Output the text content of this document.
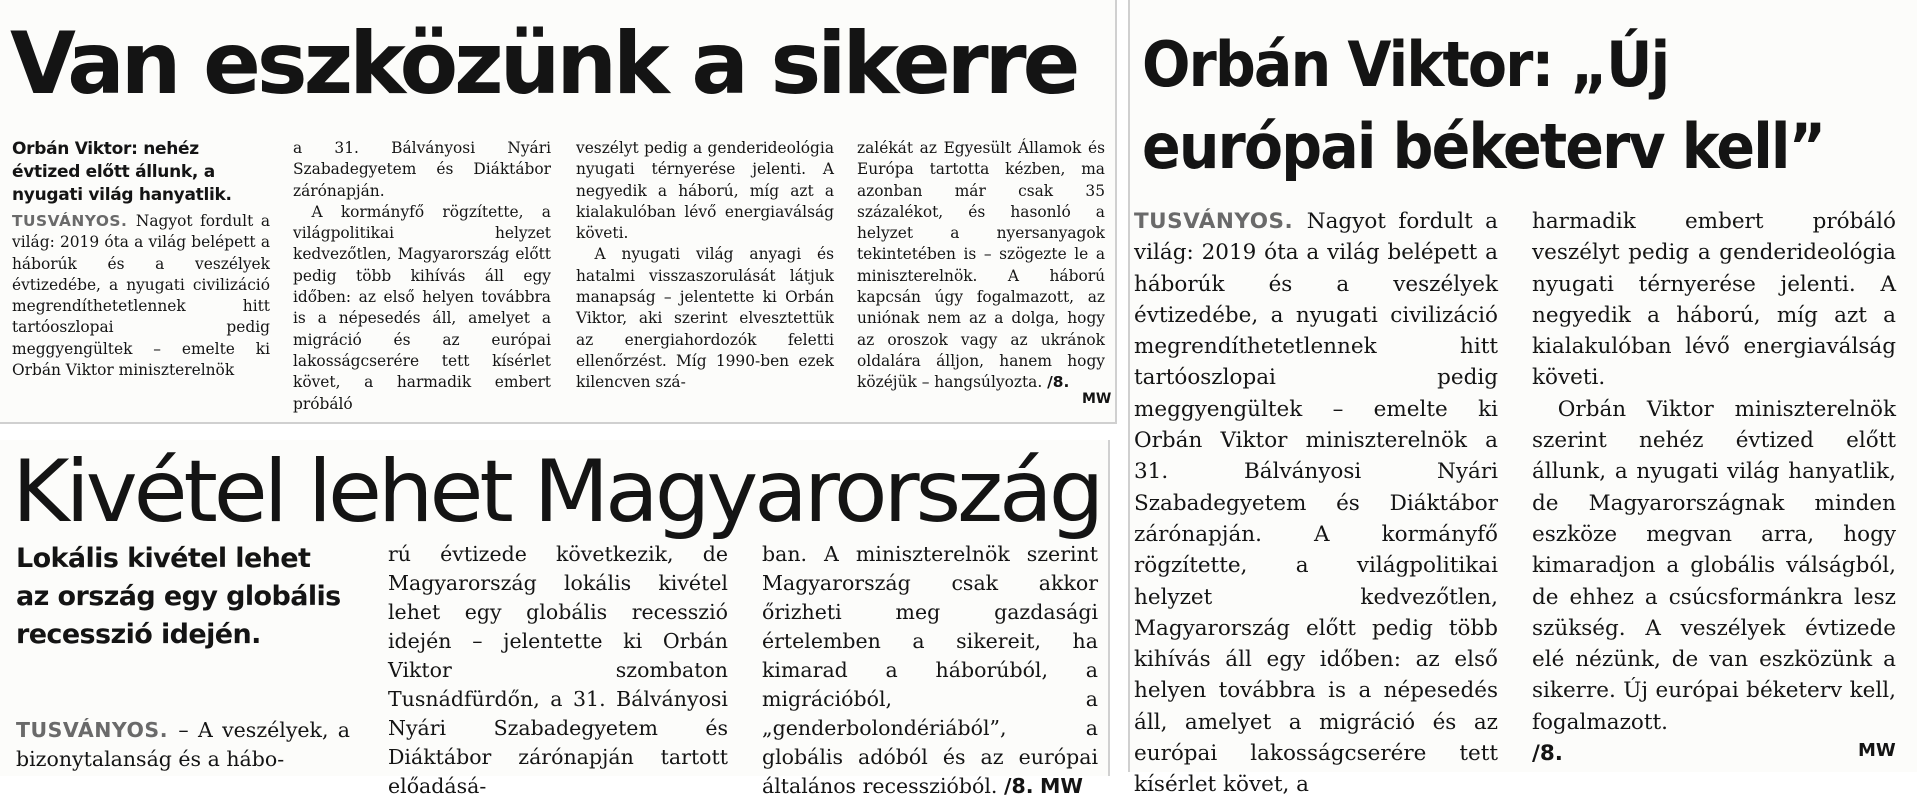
Van eszközünk a sikerre
Orbán Viktor: nehéz évtized előtt állunk, a nyugati világ hanyatlik.
TUSVÁNYOS. Nagyot fordult a világ: 2019 óta a világ belépett a háborúk és a veszélyek évtizedébe, a nyugati civilizáció megrendíthetetlennek hitt tartóoszlopai pedig meggyengültek – emelte ki Orbán Viktor miniszterelnök
a 31. Bálványosi Nyári Szabadegyetem és Diáktábor zárónapján.
A kormányfő rögzítette, a világpolitikai helyzet kedvezőtlen, Magyarország előtt pedig több kihívás áll egy időben: az első helyen továbbra is a népesedés áll, amelyet a migráció és az európai lakosságcserére tett kísérlet követ, a harmadik embert próbáló
veszélyt pedig a genderideológia nyugati térnyerése jelenti. A negyedik a háború, míg azt a kialakulóban lévő energiaválság követi.
A nyugati világ anyagi és hatalmi visszaszorulását látjuk manapság – jelentette ki Orbán Viktor, aki szerint elvesztettük az energiahordozók feletti ellenőrzést. Míg 1990-ben ezek kilencven szá-
zalékát az Egyesült Államok és Európa tartotta kézben, ma azonban már csak 35 százalékot, és hasonló a helyzet a nyersanyagok tekintetében is – szögezte le a miniszterelnök. A háború kapcsán úgy fogalmazott, az uniónak nem az a dolga, hogy az oroszok vagy az ukránok oldalára álljon, hanem hogy közéjük – hangsúlyozta. /8.
MW
Kivétel lehet Magyarország
Lokális kivétel lehet az ország egy globális recesszió idején.
TUSVÁNYOS. – A veszélyek, a bizonytalanság és a hábo-
rú évtizede következik, de Magyarország lokális kivétel lehet egy globális recesszió idején – jelentette ki Orbán Viktor szombaton Tusnádfürdőn, a 31. Bálványosi Nyári Szabadegyetem és Diáktábor zárónapján tartott előadásá-
ban. A miniszterelnök szerint Magyarország csak akkor őrizheti meg gazdasági értelemben a sikereit, ha kimarad a háborúból, a migrációból, a „genderbolondériából”, a globális adóból és az európai általános recesszióból. /8. MW
Orbán Viktor: „Új
európai béketerv kell”
TUSVÁNYOS. Nagyot fordult a világ: 2019 óta a világ belépett a háborúk és a veszélyek évtizedébe, a nyugati civilizáció megrendíthetetlennek hitt tartóoszlopai pedig meggyengültek – emelte ki Orbán Viktor miniszterelnök a 31. Bálványosi Nyári Szabadegyetem és Diáktábor zárónapján. A kormányfő rögzítette, a világpolitikai helyzet kedvezőtlen, Magyarország előtt pedig több kihívás áll egy időben: az első helyen továbbra is a népesedés áll, amelyet a migráció és az európai lakosságcserére tett kísérlet követ, a
harmadik embert próbáló veszélyt pedig a genderideológia nyugati térnyerése jelenti. A negyedik a háború, míg azt a kialakulóban lévő energiaválság követi.
Orbán Viktor miniszterelnök szerint nehéz évtized előtt állunk, a nyugati világ hanyatlik, de Magyarországnak minden eszköze megvan arra, hogy kimaradjon a globális válságból, de ehhez a csúcsformánkra lesz szükség. A veszélyek évtizede elé nézünk, de van eszközünk a sikerre. Új európai béketerv kell, fogalmazott.
/8.	MW
